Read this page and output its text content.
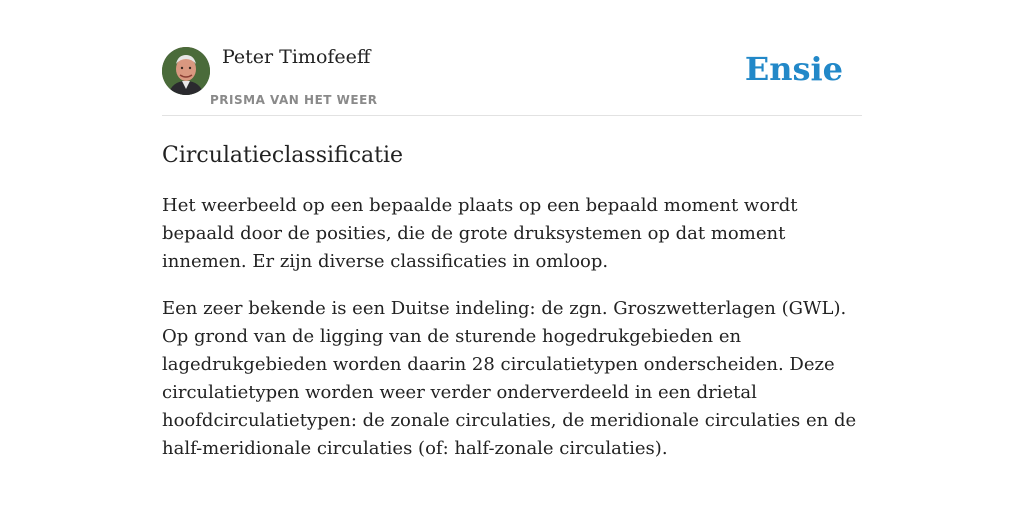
Peter Timofeeff
PRISMA VAN HET WEER
Ensie
Circulatieclassificatie

Het weerbeeld op een bepaalde plaats op een bepaald moment wordt bepaald door de posities, die de grote druksystemen op dat moment innemen. Er zijn diverse classificaties in omloop.

Een zeer bekende is een Duitse indeling: de zgn. Groszwetterlagen (GWL). Op grond van de ligging van de sturende hogedrukgebieden en lagedrukgebieden worden daarin 28 circulatietypen onderscheiden. Deze circulatietypen worden weer verder onderverdeeld in een drietal hoofdcirculatietypen: de zonale circulaties, de meridionale circulaties en de half-meridionale circulaties (of: half-zonale circulaties).
